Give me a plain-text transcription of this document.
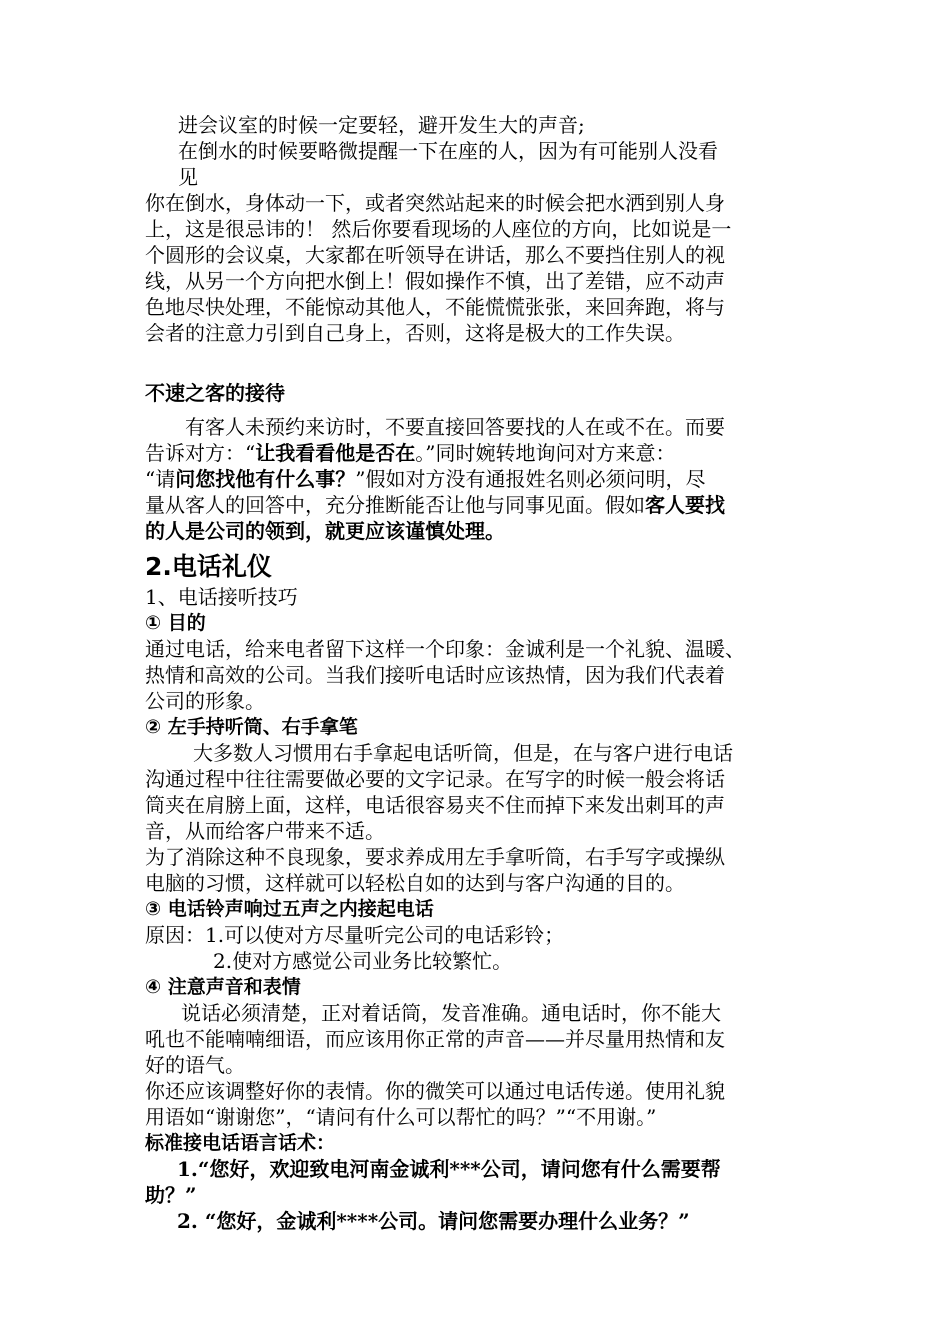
进会议室的时候一定要轻，避开发生大的声音;
在倒水的时候要略微提醒一下在座的人，因为有可能别人没看
见
你在倒水，身体动一下，或者突然站起来的时候会把水洒到别人身
上，这是很忌讳的！ 然后你要看现场的人座位的方向，比如说是一
个圆形的会议桌，大家都在听领导在讲话，那么不要挡住别人的视
线，从另一个方向把水倒上！假如操作不慎，出了差错，应不动声
色地尽快处理，不能惊动其他人，不能慌慌张张，来回奔跑，将与
会者的注意力引到自己身上，否则，这将是极大的工作失误。
不速之客的接待
有客人未预约来访时，不要直接回答要找的人在或不在。而要
告诉对方：“让我看看他是否在。”同时婉转地询问对方来意：
“请问您找他有什么事？”假如对方没有通报姓名则必须问明，尽
量从客人的回答中，充分推断能否让他与同事见面。假如客人要找
的人是公司的领到，就更应该谨慎处理。
2.电话礼仪
1、电话接听技巧
① 目的
通过电话，给来电者留下这样一个印象：金诚利是一个礼貌、温暖、
热情和高效的公司。当我们接听电话时应该热情，因为我们代表着
公司的形象。
② 左手持听筒、右手拿笔
大多数人习惯用右手拿起电话听筒，但是，在与客户进行电话
沟通过程中往往需要做必要的文字记录。在写字的时候一般会将话
筒夹在肩膀上面，这样，电话很容易夹不住而掉下来发出刺耳的声
音，从而给客户带来不适。
为了消除这种不良现象，要求养成用左手拿听筒，右手写字或操纵
电脑的习惯，这样就可以轻松自如的达到与客户沟通的目的。
③ 电话铃声响过五声之内接起电话
原因：1.可以使对方尽量听完公司的电话彩铃；
2.使对方感觉公司业务比较繁忙。
④ 注意声音和表情
说话必须清楚，正对着话筒，发音准确。通电话时，你不能大
吼也不能喃喃细语，而应该用你正常的声音——并尽量用热情和友
好的语气。
你还应该调整好你的表情。你的微笑可以通过电话传递。使用礼貌
用语如“谢谢您”，“请问有什么可以帮忙的吗？”“不用谢。”
标准接电话语言话术：
1.“您好，欢迎致电河南金诚利***公司，请问您有什么需要帮
助？”
2. “您好，金诚利****公司。请问您需要办理什么业务？”
